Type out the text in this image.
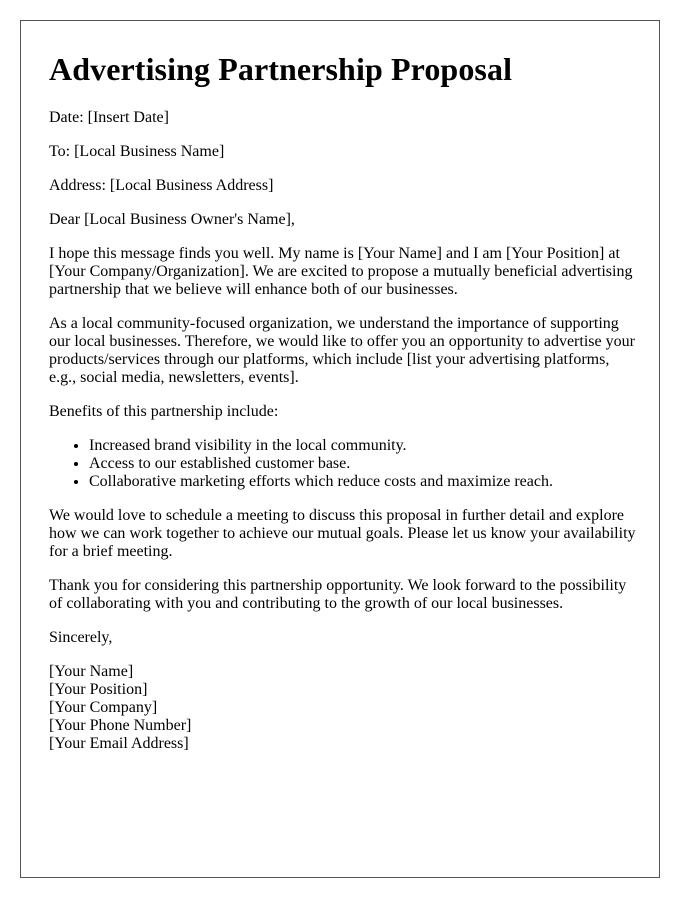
Advertising Partnership Proposal

Date: [Insert Date]

To: [Local Business Name]

Address: [Local Business Address]

Dear [Local Business Owner's Name],

I hope this message finds you well. My name is [Your Name] and I am [Your Position] at [Your Company/Organization]. We are excited to propose a mutually beneficial advertising partnership that we believe will enhance both of our businesses.

As a local community-focused organization, we understand the importance of supporting our local businesses. Therefore, we would like to offer you an opportunity to advertise your products/services through our platforms, which include [list your advertising platforms, e.g., social media, newsletters, events].

Benefits of this partnership include:

• Increased brand visibility in the local community.
• Access to our established customer base.
• Collaborative marketing efforts which reduce costs and maximize reach.

We would love to schedule a meeting to discuss this proposal in further detail and explore how we can work together to achieve our mutual goals. Please let us know your availability for a brief meeting.

Thank you for considering this partnership opportunity. We look forward to the possibility of collaborating with you and contributing to the growth of our local businesses.

Sincerely,

[Your Name]
[Your Position]
[Your Company]
[Your Phone Number]
[Your Email Address]
